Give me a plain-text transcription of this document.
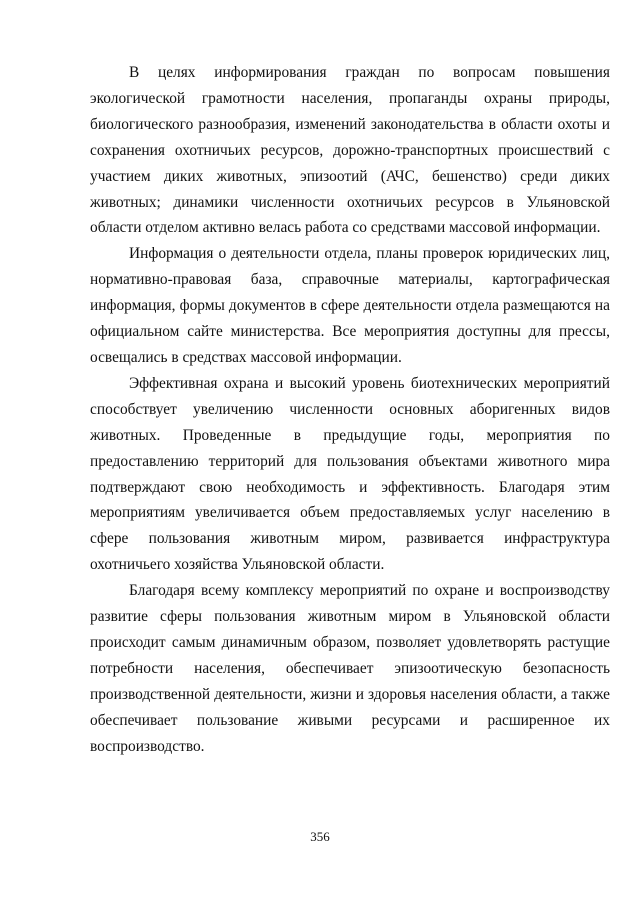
В целях информирования граждан по вопросам повышения экологической грамотности населения, пропаганды охраны природы, биологического разнообразия, изменений законодательства в области охоты и сохранения охотничьих ресурсов, дорожно-транспортных происшествий с участием диких животных, эпизоотий (АЧС, бешенство) среди диких животных; динамики численности охотничьих ресурсов в Ульяновской области отделом активно велась работа со средствами массовой информации.

Информация о деятельности отдела, планы проверок юридических лиц, нормативно-правовая база, справочные материалы, картографическая информация, формы документов в сфере деятельности отдела размещаются на официальном сайте министерства. Все мероприятия доступны для прессы, освещались в средствах массовой информации.

Эффективная охрана и высокий уровень биотехнических мероприятий способствует увеличению численности основных аборигенных видов животных. Проведенные в предыдущие годы, мероприятия по предоставлению территорий для пользования объектами животного мира подтверждают свою необходимость и эффективность. Благодаря этим мероприятиям увеличивается объем предоставляемых услуг населению в сфере пользования животным миром, развивается инфраструктура охотничьего хозяйства Ульяновской области.

Благодаря всему комплексу мероприятий по охране и воспроизводству развитие сферы пользования животным миром в Ульяновской области происходит самым динамичным образом, позволяет удовлетворять растущие потребности населения, обеспечивает эпизоотическую безопасность производственной деятельности, жизни и здоровья населения области, а также обеспечивает пользование живыми ресурсами и расширенное их воспроизводство.

356
